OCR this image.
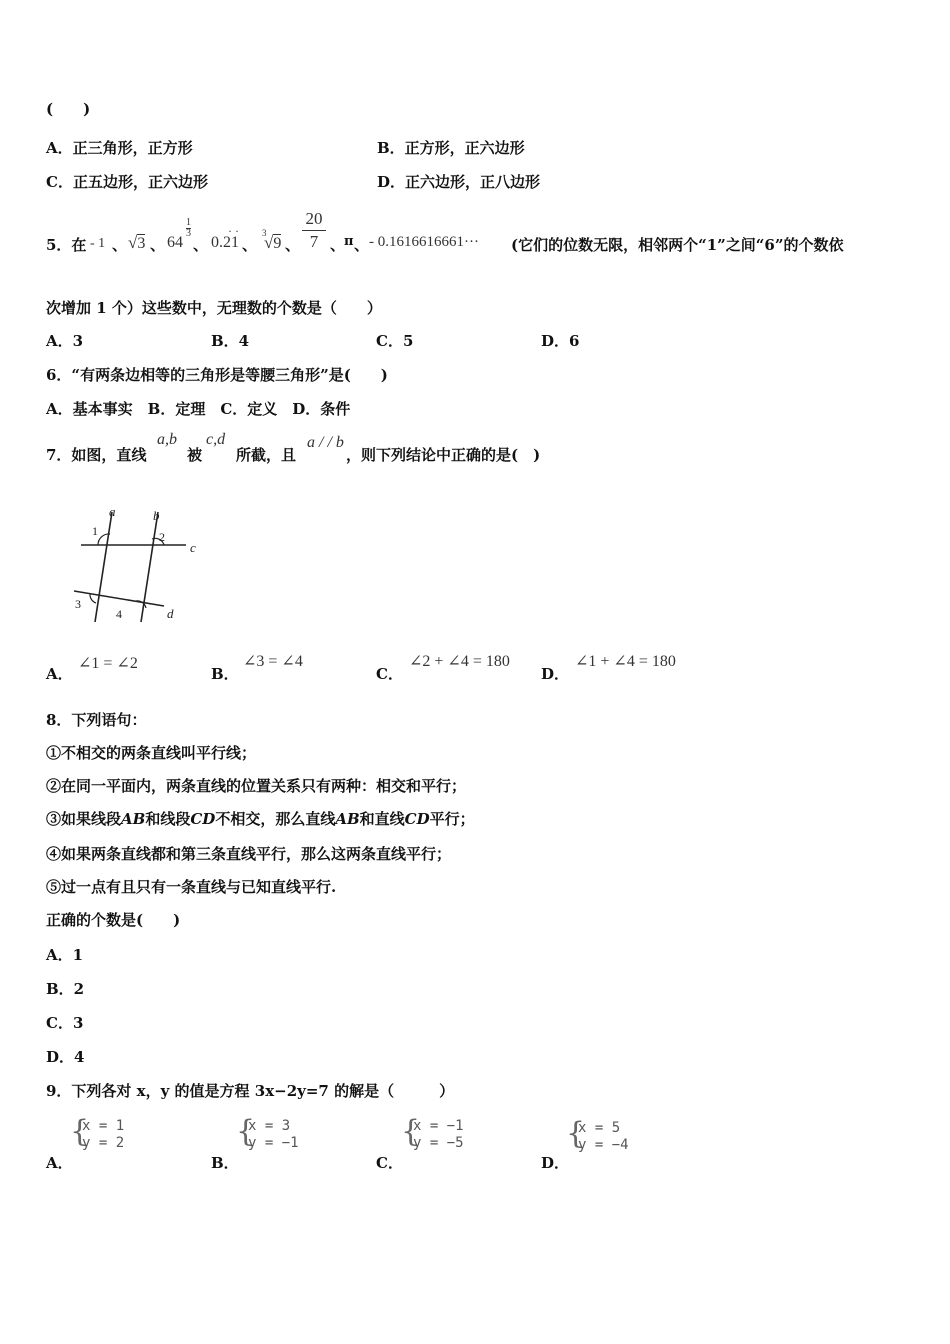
(　　)
A．正三角形，正方形	B．正方形，正六边形
C．正五边形，正六边形	D．正六边形，正八边形
5．在 - 1 、 √3 、 64
1
3
、 0.21
· ·
、
3
√9 、
20
7 、
π 、 - 0.1616616661··· (它们的位数无限，相邻两个“1”之间“6”的个数依
次增加 1 个）这些数中，无理数的个数是（　　）
A．3	B．4	C．5	D．6
6．“有两条边相等的三角形是等腰三角形”是(　　)
A．基本事实　B．定理　C．定义　D．条件
7．如图，直线
a,b
被
c,d
所截，且
a / / b
，则下列结论中正确的是(　)
a	b
c
d
1	2
3
4
A．
∠1 = ∠2
B．
∠3 = ∠4
C．
∠2 + ∠4 = 180
D．
∠1 + ∠4 = 180
8．下列语句：
①不相交的两条直线叫平行线；
②在同一平面内，两条直线的位置关系只有两种：相交和平行；
③如果线段AB和线段CD不相交，那么直线AB和直线CD平行；
④如果两条直线都和第三条直线平行，那么这两条直线平行；
⑤过一点有且只有一条直线与已知直线平行.
正确的个数是(　　)
A．1
B．2
C．3
D．4
9．下列各对 x，y 的值是方程 3x−2y=7 的解是（　　　）
A．
{
x = 1
y = 2
B．
{
x = 3
y = −1
C．
{
x = −1
y = −5
D．
{
x = 5
y = −4
